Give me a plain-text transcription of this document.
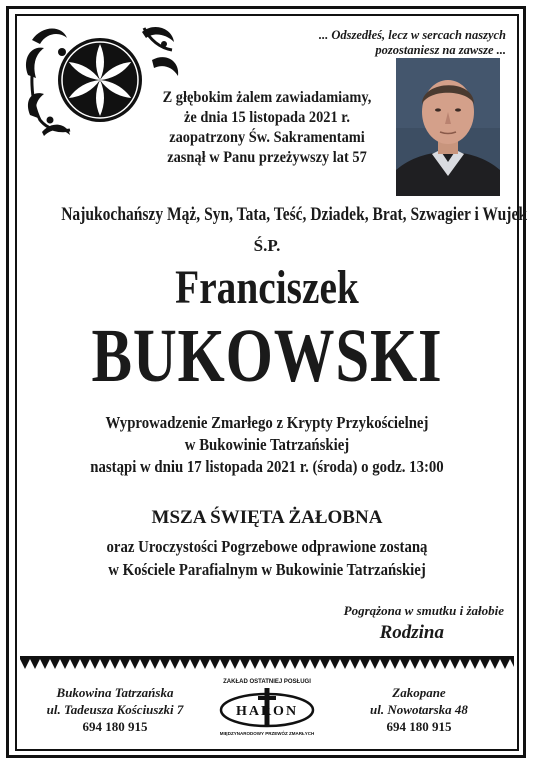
... Odszedłeś, lecz w sercach naszych
pozostaniesz na zawsze ...
Z głębokim żalem zawiadamiamy,
że dnia 15 listopada 2021 r.
zaopatrzony Św. Sakramentami
zasnął w Panu przeżywszy lat 57
Najukochańszy Mąż, Syn, Tata, Teść, Dziadek, Brat, Szwagier i Wujek
Ś.P.
Franciszek
BUKOWSKI
Wyprowadzenie Zmarłego z Krypty Przykościelnej
w Bukowinie Tatrzańskiej
nastąpi w dniu 17 listopada 2021 r. (środa) o godz. 13:00
MSZA ŚWIĘTA ŻAŁOBNA
oraz Uroczystości Pogrzebowe odprawione zostaną
w Kościele Parafialnym w Bukowinie Tatrzańskiej
Pogrążona w smutku i żałobie
Rodzina
Bukowina Tatrzańska
ul. Tadeusza Kościuszki 7
694 180 915
ZAKŁAD OSTATNIEJ POSŁUGI
HARON
MIĘDZYNARODOWY PRZEWÓZ ZMARŁYCH
Zakopane
ul. Nowotarska 48
694 180 915
